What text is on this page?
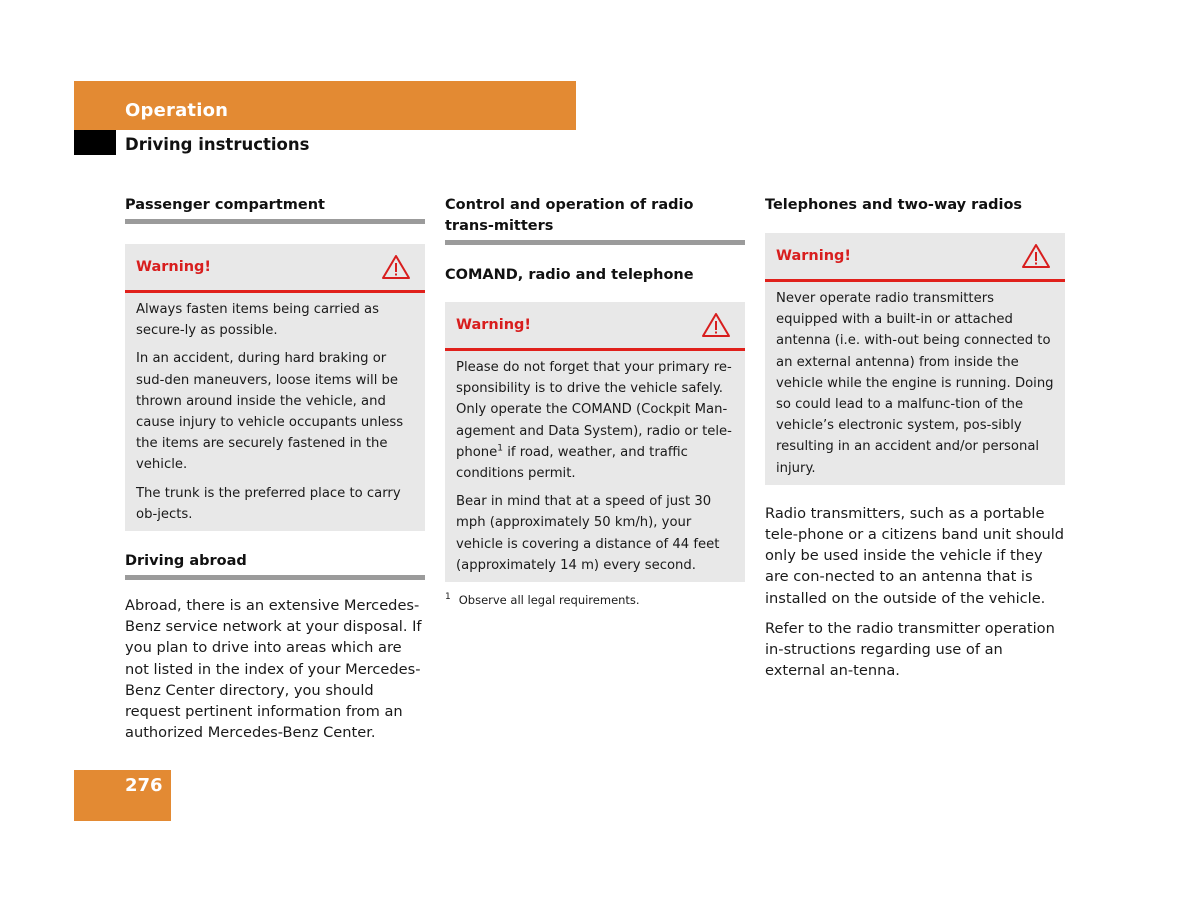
Operation
Driving instructions
Passenger compartment
Warning!

Always fasten items being carried as secure-ly as possible.

In an accident, during hard braking or sud-den maneuvers, loose items will be thrown around inside the vehicle, and cause injury to vehicle occupants unless the items are securely fastened in the vehicle.

The trunk is the preferred place to carry ob-jects.

Driving abroad

Abroad, there is an extensive Mercedes-Benz service network at your disposal. If you plan to drive into areas which are not listed in the index of your Mercedes-Benz Center directory, you should request pertinent information from an authorized Mercedes-Benz Center.

Control and operation of radio trans-mitters
COMAND, radio and telephone
Warning!

Please do not forget that your primary re-sponsibility is to drive the vehicle safely. Only operate the COMAND (Cockpit Man-agement and Data System), radio or tele-phone$^1$ if road, weather, and traffic conditions permit.

Bear in mind that at a speed of just 30 mph (approximately 50 km/h), your vehicle is covering a distance of 44 feet (approximately 14 m) every second.

1 Observe all legal requirements.
Telephones and two-way radios
Warning!

Never operate radio transmitters equipped with a built-in or attached antenna (i.e. with-out being connected to an external antenna) from inside the vehicle while the engine is running. Doing so could lead to a malfunc-tion of the vehicle’s electronic system, pos-sibly resulting in an accident and/or personal injury.

Radio transmitters, such as a portable tele-phone or a citizens band unit should only be used inside the vehicle if they are con-nected to an antenna that is installed on the outside of the vehicle.

Refer to the radio transmitter operation in-structions regarding use of an external an-tenna.

276
